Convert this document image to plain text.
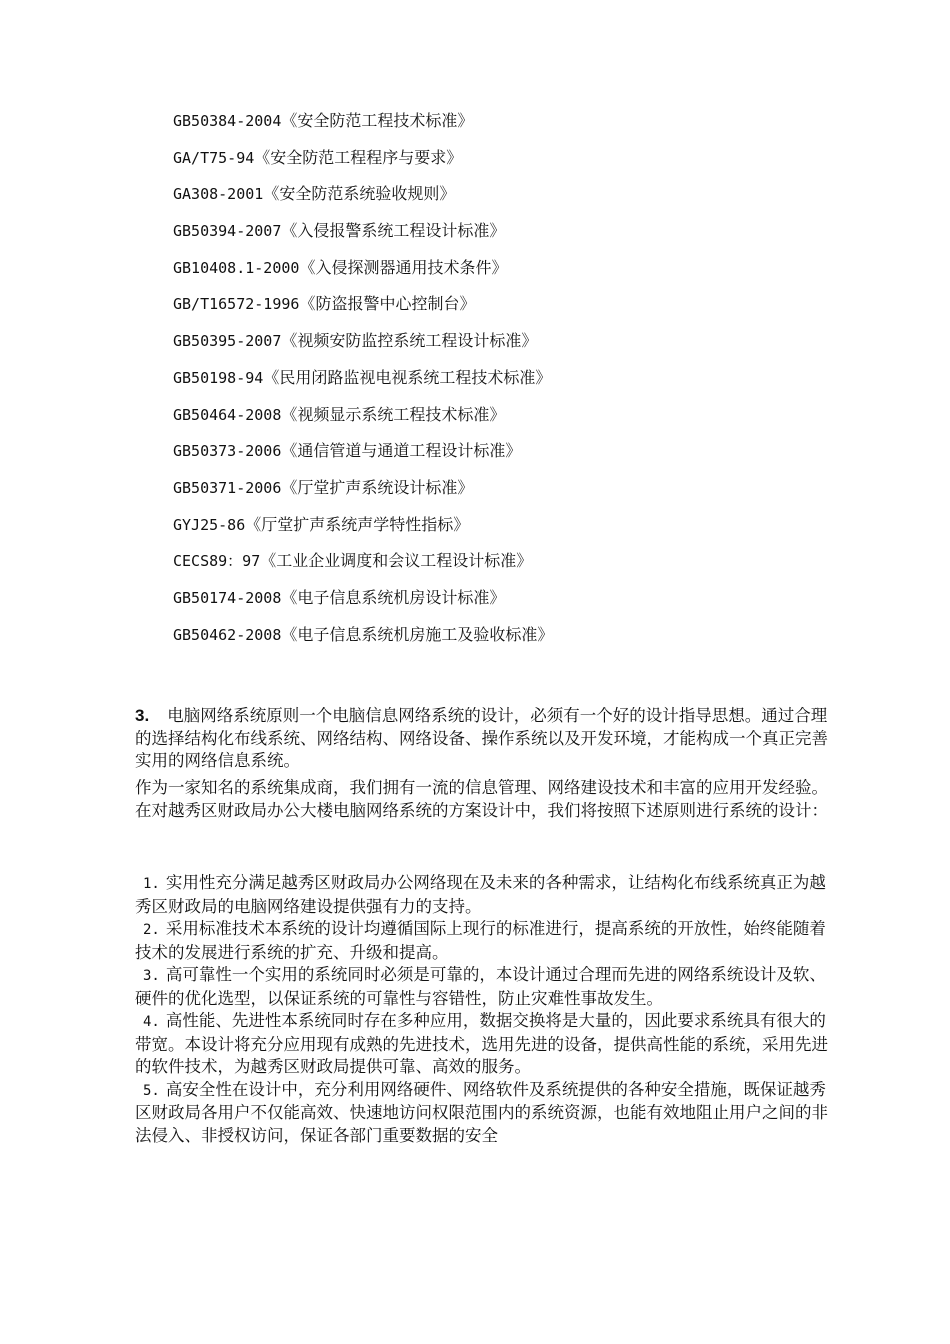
GB50384-2004《安全防范工程技术标准》
GA/T75-94《安全防范工程程序与要求》
GA308-2001《安全防范系统验收规则》
GB50394-2007《入侵报警系统工程设计标准》
GB10408.1-2000《入侵探测器通用技术条件》
GB/T16572-1996《防盗报警中心控制台》
GB50395-2007《视频安防监控系统工程设计标准》
GB50198-94《民用闭路监视电视系统工程技术标准》
GB50464-2008《视频显示系统工程技术标准》
GB50373-2006《通信管道与通道工程设计标准》
GB50371-2006《厅堂扩声系统设计标准》
GYJ25-86《厅堂扩声系统声学特性指标》
CECS89：97《工业企业调度和会议工程设计标准》
GB50174-2008《电子信息系统机房设计标准》
GB50462-2008《电子信息系统机房施工及验收标准》

3. 电脑网络系统原则一个电脑信息网络系统的设计，必须有一个好的设计指导思想。通过合理的选择结构化布线系统、网络结构、网络设备、操作系统以及开发环境，才能构成一个真正完善实用的网络信息系统。

作为一家知名的系统集成商，我们拥有一流的信息管理、网络建设技术和丰富的应用开发经验。在对越秀区财政局办公大楼电脑网络系统的方案设计中，我们将按照下述原则进行系统的设计：

1. 实用性充分满足越秀区财政局办公网络现在及未来的各种需求，让结构化布线系统真正为越秀区财政局的电脑网络建设提供强有力的支持。
2. 采用标准技术本系统的设计均遵循国际上现行的标准进行，提高系统的开放性，始终能随着技术的发展进行系统的扩充、升级和提高。
3. 高可靠性一个实用的系统同时必须是可靠的，本设计通过合理而先进的网络系统设计及软、硬件的优化选型，以保证系统的可靠性与容错性，防止灾难性事故发生。
4. 高性能、先进性本系统同时存在多种应用，数据交换将是大量的，因此要求系统具有很大的带宽。本设计将充分应用现有成熟的先进技术，选用先进的设备，提供高性能的系统，采用先进的软件技术，为越秀区财政局提供可靠、高效的服务。
5. 高安全性在设计中，充分利用网络硬件、网络软件及系统提供的各种安全措施，既保证越秀区财政局各用户不仅能高效、快速地访问权限范围内的系统资源，也能有效地阻止用户之间的非法侵入、非授权访问，保证各部门重要数据的安全
